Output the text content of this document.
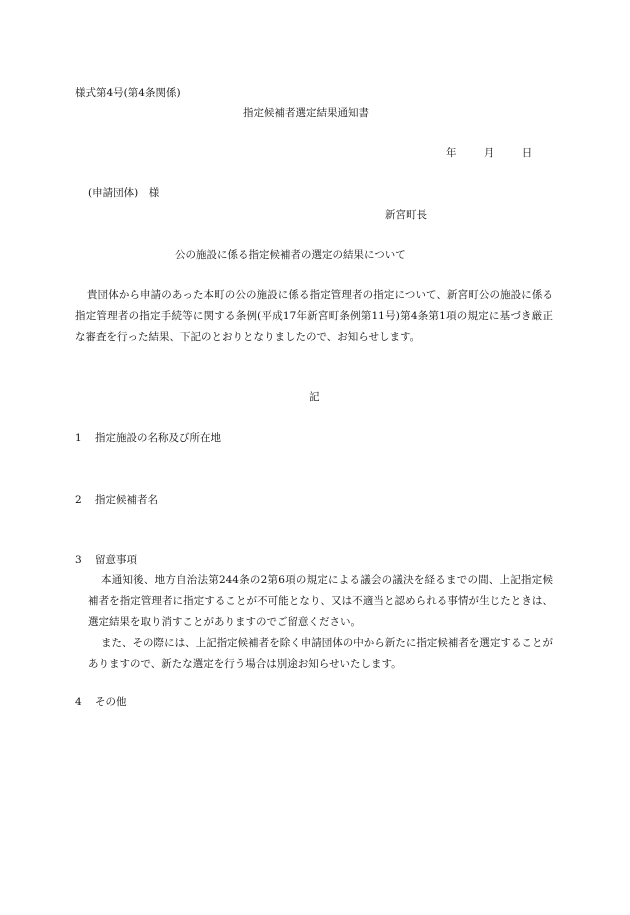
様式第4号(第4条関係)
指定候補者選定結果通知書
年	月	日
(申請団体)　様
新宮町長
公の施設に係る指定候補者の選定の結果について
貴団体から申請のあった本町の公の施設に係る指定管理者の指定について、新宮町公の施設に係る指定管理者の指定手続等に関する条例(平成17年新宮町条例第11号)第4条第1項の規定に基づき厳正な審査を行った結果、下記のとおりとなりましたので、お知らせします。
記
1 指定施設の名称及び所在地
2 指定候補者名
3 留意事項
本通知後、地方自治法第244条の2第6項の規定による議会の議決を経るまでの間、上記指定候補者を指定管理者に指定することが不可能となり、又は不適当と認められる事情が生じたときは、選定結果を取り消すことがありますのでご留意ください。
また、その際には、上記指定候補者を除く申請団体の中から新たに指定候補者を選定することがありますので、新たな選定を行う場合は別途お知らせいたします。
4 その他
